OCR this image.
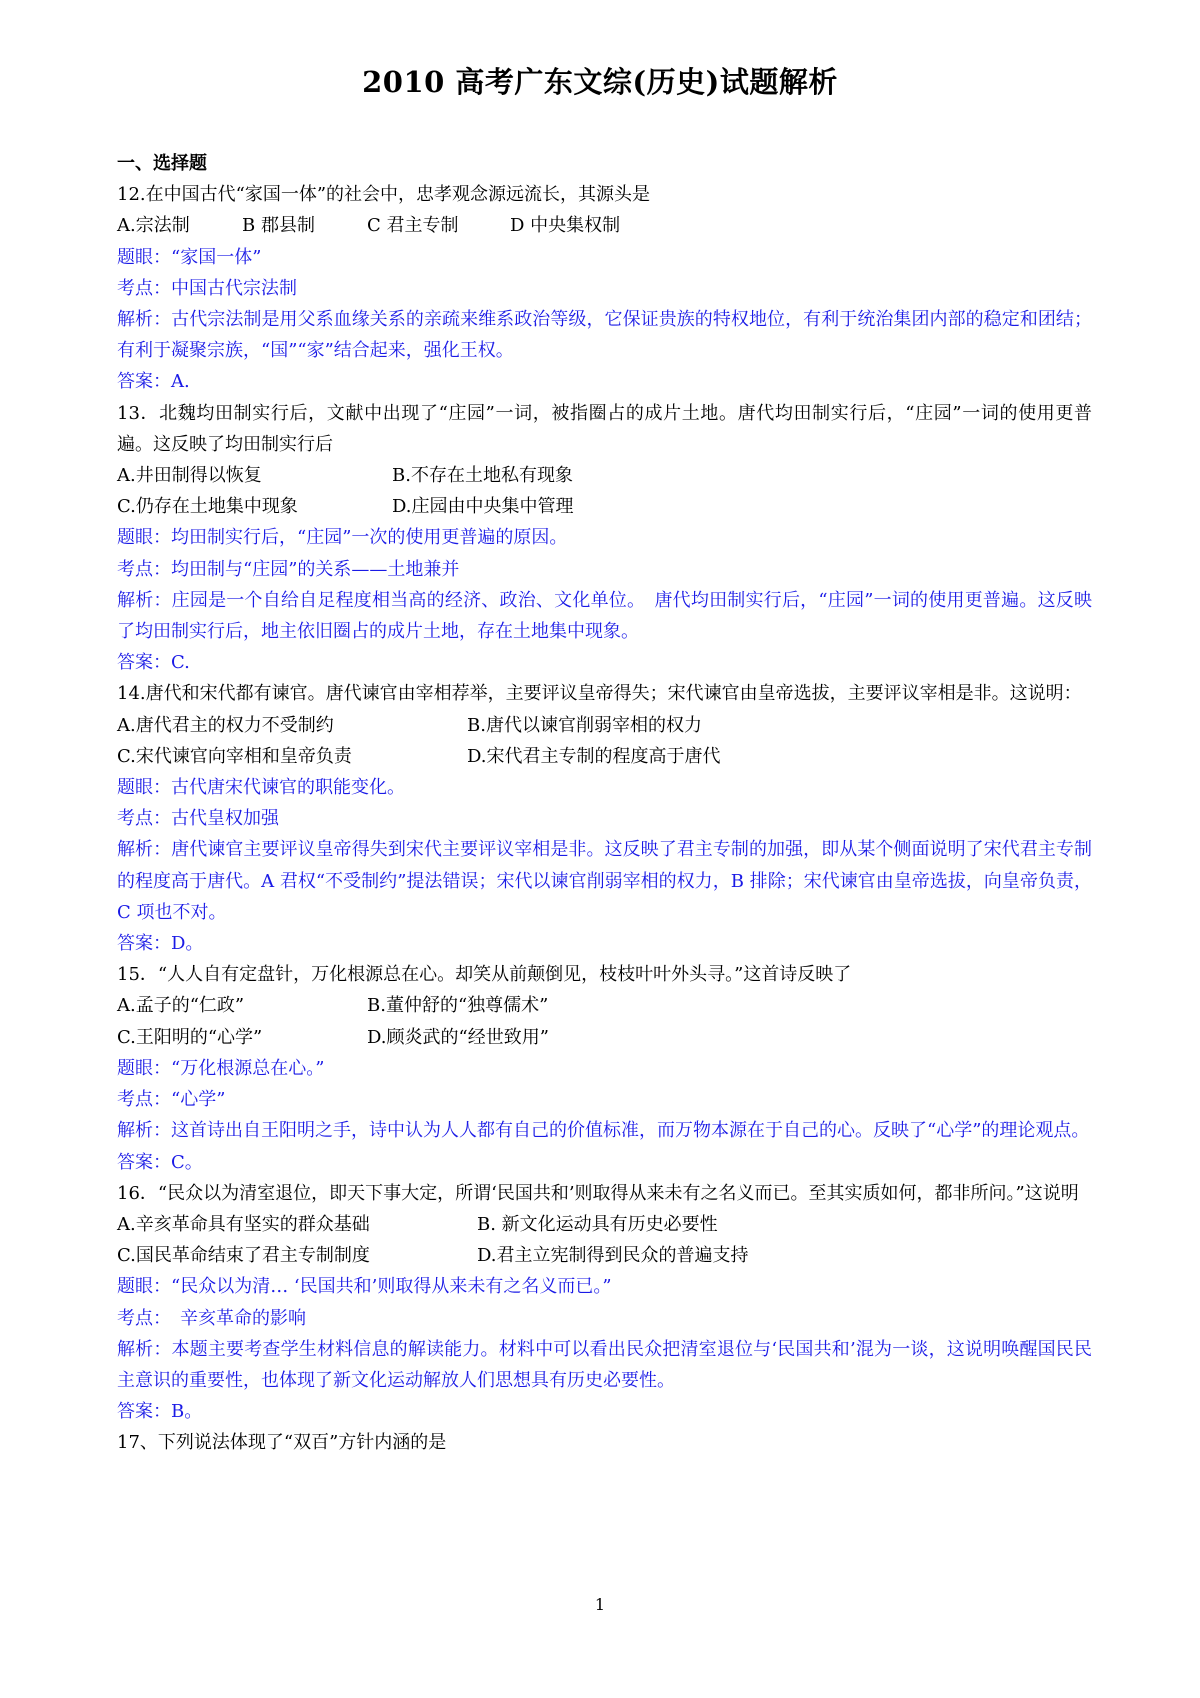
2010 高考广东文综(历史)试题解析
一、选择题
12.在中国古代“家国一体”的社会中，忠孝观念源远流长，其源头是
A.宗法制	B 郡县制	C 君主专制	D 中央集权制
题眼：“家国一体”
考点：中国古代宗法制
解析：古代宗法制是用父系血缘关系的亲疏来维系政治等级，它保证贵族的特权地位，有利于统治集团内部的稳定和团结；有利于凝聚宗族，“国”“家”结合起来，强化王权。
答案：A.
13．北魏均田制实行后，文献中出现了“庄园”一词，被指圈占的成片土地。唐代均田制实行后，“庄园”一词的使用更普遍。这反映了均田制实行后
A.井田制得以恢复	B.不存在土地私有现象
C.仍存在土地集中现象	D.庄园由中央集中管理
题眼：均田制实行后，“庄园”一次的使用更普遍的原因。
考点：均田制与“庄园”的关系——土地兼并
解析：庄园是一个自给自足程度相当高的经济、政治、文化单位。　唐代均田制实行后，“庄园”一词的使用更普遍。这反映了均田制实行后，地主依旧圈占的成片土地，存在土地集中现象。
答案：C.
14.唐代和宋代都有谏官。唐代谏官由宰相荐举，主要评议皇帝得失；宋代谏官由皇帝选拔，主要评议宰相是非。这说明：
A.唐代君主的权力不受制约	B.唐代以谏官削弱宰相的权力
C.宋代谏官向宰相和皇帝负责	D.宋代君主专制的程度高于唐代
题眼：古代唐宋代谏官的职能变化。
考点：古代皇权加强
解析：唐代谏官主要评议皇帝得失到宋代主要评议宰相是非。这反映了君主专制的加强，即从某个侧面说明了宋代君主专制的程度高于唐代。A 君权“不受制约”提法错误；宋代以谏官削弱宰相的权力，B 排除；宋代谏官由皇帝选拔，向皇帝负责，C 项也不对。
答案：D。
15．“人人自有定盘针，万化根源总在心。却笑从前颠倒见，枝枝叶叶外头寻。”这首诗反映了
A.孟子的“仁政”	B.董仲舒的“独尊儒术”
C.王阳明的“心学”	D.顾炎武的“经世致用”
题眼：“万化根源总在心。”
考点：“心学”
解析：这首诗出自王阳明之手，诗中认为人人都有自己的价值标准，而万物本源在于自己的心。反映了“心学”的理论观点。
答案：C。
16．“民众以为清室退位，即天下事大定，所谓‘民国共和’则取得从来未有之名义而已。至其实质如何，都非所问。”这说明
A.辛亥革命具有坚实的群众基础	B. 新文化运动具有历史必要性
C.国民革命结束了君主专制制度	D.君主立宪制得到民众的普遍支持
题眼：“民众以为清… ‘民国共和’则取得从来未有之名义而已。”
考点：　辛亥革命的影响
解析：本题主要考查学生材料信息的解读能力。材料中可以看出民众把清室退位与‘民国共和’混为一谈，这说明唤醒国民民主意识的重要性，也体现了新文化运动解放人们思想具有历史必要性。
答案：B。
17、下列说法体现了“双百”方针内涵的是
1
